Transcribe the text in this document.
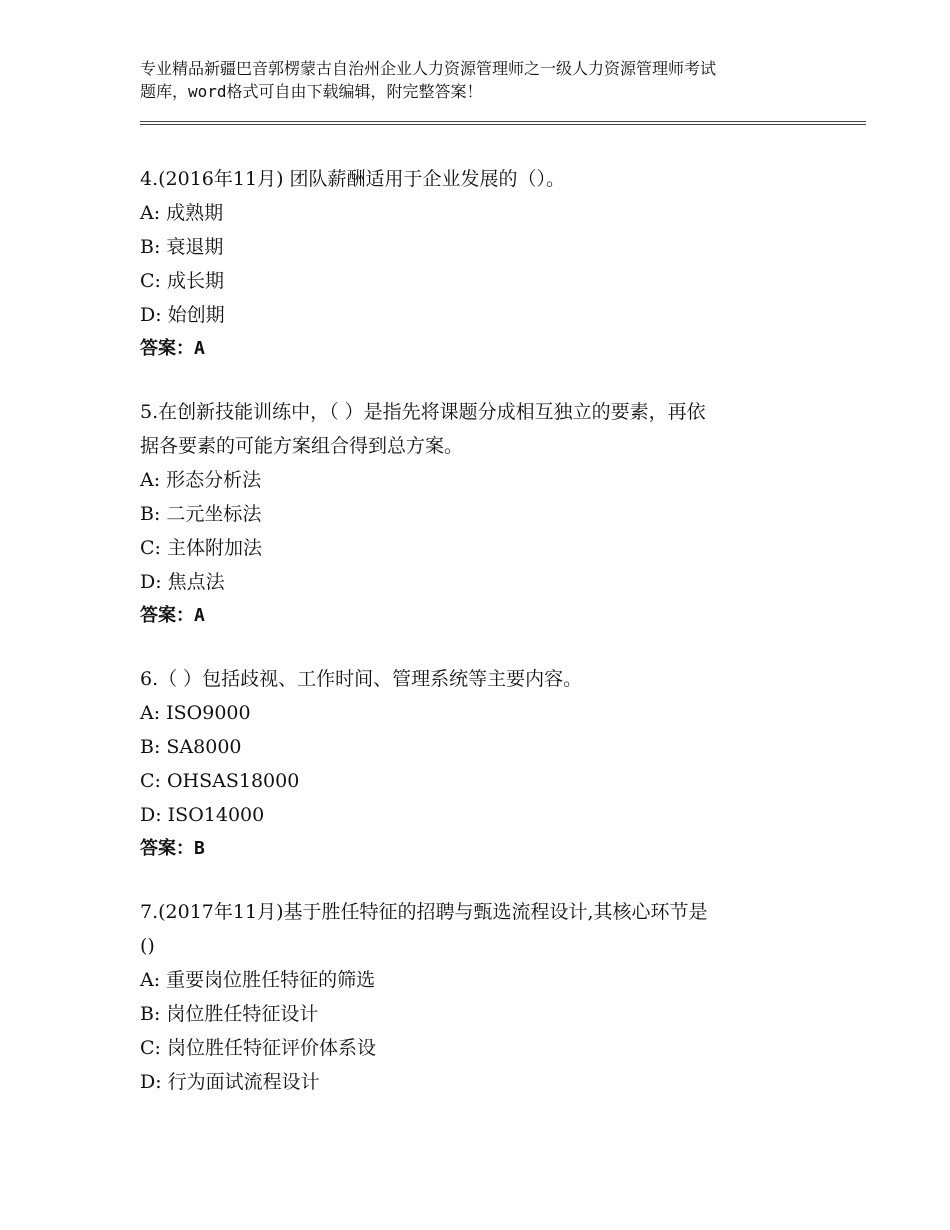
专业精品新疆巴音郭楞蒙古自治州企业人力资源管理师之一级人力资源管理师考试
题库，word格式可自由下载编辑，附完整答案！
4.(2016年11月) 团队薪酬适用于企业发展的（）。
A: 成熟期
B: 衰退期
C: 成长期
D: 始创期
答案：A
5.在创新技能训练中，（ ）是指先将课题分成相互独立的要素，再依
据各要素的可能方案组合得到总方案。
A: 形态分析法
B: 二元坐标法
C: 主体附加法
D: 焦点法
答案：A
6.（ ）包括歧视、工作时间、管理系统等主要内容。
A: ISO9000
B: SA8000
C: OHSAS18000
D: ISO14000
答案：B
7.(2017年11月)基于胜任特征的招聘与甄选流程设计,其核心环节是
()
A: 重要岗位胜任特征的筛选
B: 岗位胜任特征设计
C: 岗位胜任特征评价体系设
D: 行为面试流程设计
